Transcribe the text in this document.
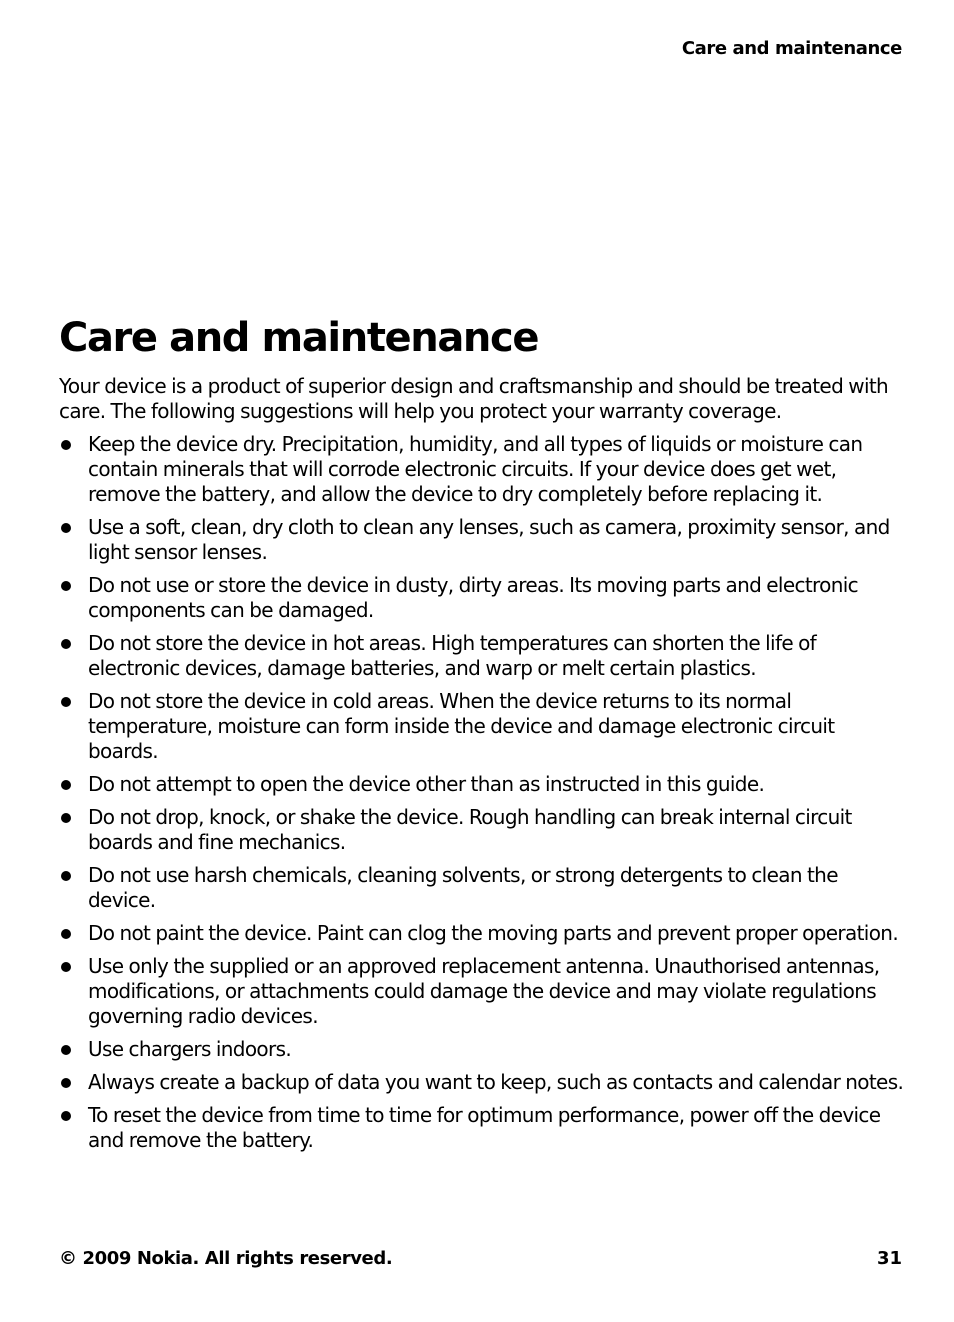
Care and maintenance
Care and maintenance

Your device is a product of superior design and craftsmanship and should be treated with care. The following suggestions will help you protect your warranty coverage.

Keep the device dry. Precipitation, humidity, and all types of liquids or moisture can contain minerals that will corrode electronic circuits. If your device does get wet, remove the battery, and allow the device to dry completely before replacing it.
Use a soft, clean, dry cloth to clean any lenses, such as camera, proximity sensor, and light sensor lenses.
Do not use or store the device in dusty, dirty areas. Its moving parts and electronic components can be damaged.
Do not store the device in hot areas. High temperatures can shorten the life of electronic devices, damage batteries, and warp or melt certain plastics.
Do not store the device in cold areas. When the device returns to its normal temperature, moisture can form inside the device and damage electronic circuit boards.
Do not attempt to open the device other than as instructed in this guide.
Do not drop, knock, or shake the device. Rough handling can break internal circuit boards and fine mechanics.
Do not use harsh chemicals, cleaning solvents, or strong detergents to clean the device.
Do not paint the device. Paint can clog the moving parts and prevent proper operation.
Use only the supplied or an approved replacement antenna. Unauthorised antennas, modifications, or attachments could damage the device and may violate regulations governing radio devices.
Use chargers indoors.
Always create a backup of data you want to keep, such as contacts and calendar notes.
To reset the device from time to time for optimum performance, power off the device and remove the battery.
© 2009 Nokia. All rights reserved.	31
